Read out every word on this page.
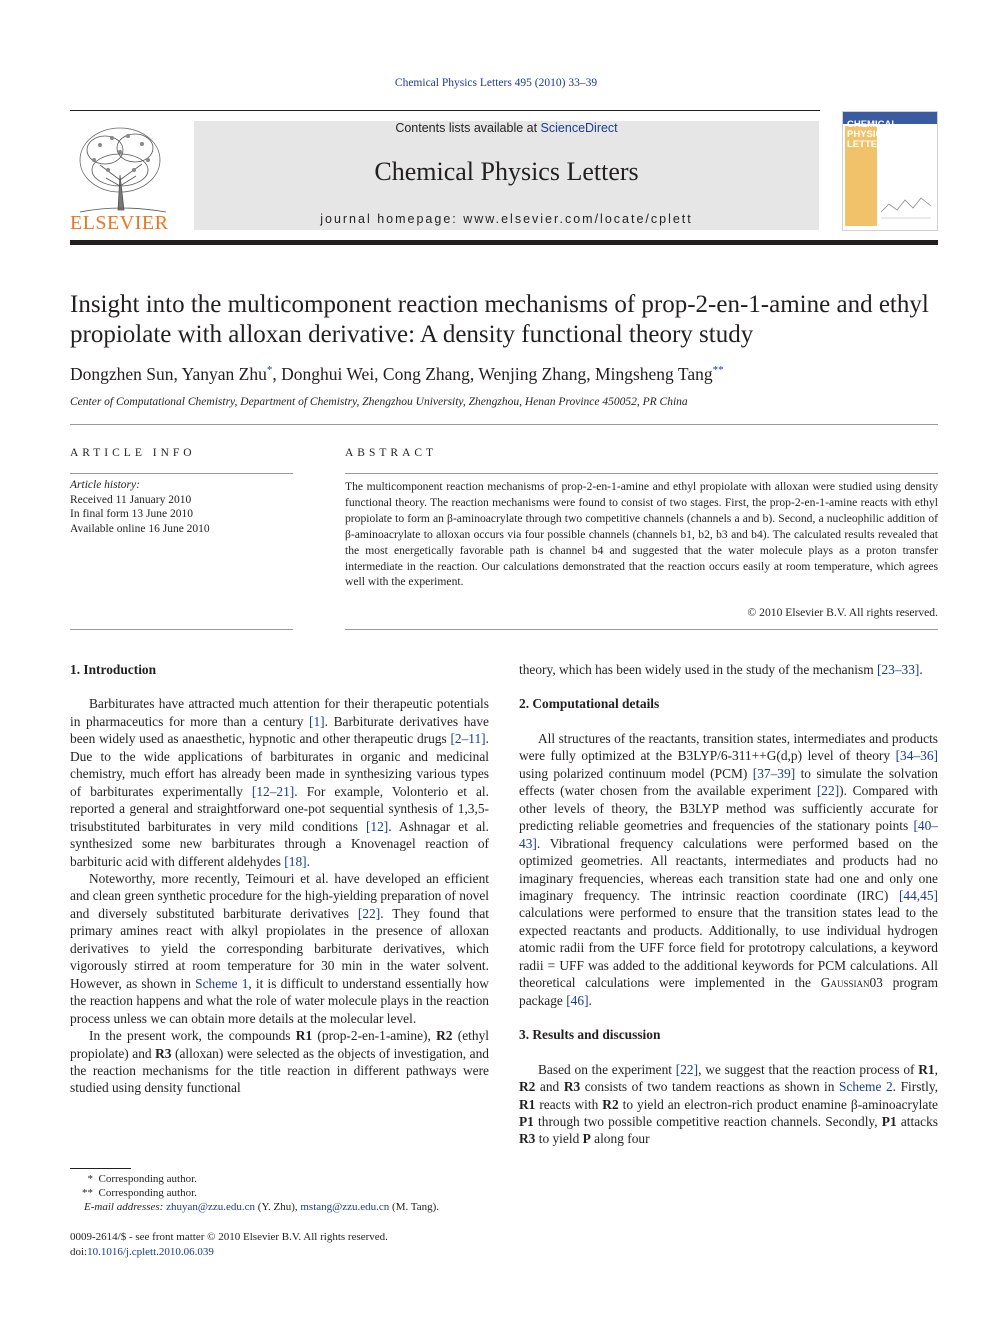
Chemical Physics Letters 495 (2010) 33–39
ELSEVIER
Contents lists available at ScienceDirect
Chemical Physics Letters
journal homepage: www.elsevier.com/locate/cplett
CHEMICAL
PHYSICS
LETTERS
Insight into the multicomponent reaction mechanisms of prop-2-en-1-amine and ethyl propiolate with alloxan derivative: A density functional theory study
Dongzhen Sun, Yanyan Zhu*, Donghui Wei, Cong Zhang, Wenjing Zhang, Mingsheng Tang**
Center of Computational Chemistry, Department of Chemistry, Zhengzhou University, Zhengzhou, Henan Province 450052, PR China
ARTICLE INFO
Article history:
Received 11 January 2010
In final form 13 June 2010
Available online 16 June 2010
ABSTRACT
The multicomponent reaction mechanisms of prop-2-en-1-amine and ethyl propiolate with alloxan were studied using density functional theory. The reaction mechanisms were found to consist of two stages. First, the prop-2-en-1-amine reacts with ethyl propiolate to form an β-aminoacrylate through two competitive channels (channels a and b). Second, a nucleophilic addition of β-aminoacrylate to alloxan occurs via four possible channels (channels b1, b2, b3 and b4). The calculated results revealed that the most energetically favorable path is channel b4 and suggested that the water molecule plays as a proton transfer intermediate in the reaction. Our calculations demonstrated that the reaction occurs easily at room temperature, which agrees well with the experiment.
© 2010 Elsevier B.V. All rights reserved.
1. Introduction

Barbiturates have attracted much attention for their therapeutic potentials in pharmaceutics for more than a century [1]. Barbiturate derivatives have been widely used as anaesthetic, hypnotic and other therapeutic drugs [2–11]. Due to the wide applications of barbiturates in organic and medicinal chemistry, much effort has already been made in synthesizing various types of barbiturates experimentally [12–21]. For example, Volonterio et al. reported a general and straightforward one-pot sequential synthesis of 1,3,5-trisubstituted barbiturates in very mild conditions [12]. Ashnagar et al. synthesized some new barbiturates through a Knovenagel reaction of barbituric acid with different aldehydes [18].

Noteworthy, more recently, Teimouri et al. have developed an efficient and clean green synthetic procedure for the high-yielding preparation of novel and diversely substituted barbiturate derivatives [22]. They found that primary amines react with alkyl propiolates in the presence of alloxan derivatives to yield the corresponding barbiturate derivatives, which vigorously stirred at room temperature for 30 min in the water solvent. However, as shown in Scheme 1, it is difficult to understand essentially how the reaction happens and what the role of water molecule plays in the reaction process unless we can obtain more details at the molecular level.

In the present work, the compounds R1 (prop-2-en-1-amine), R2 (ethyl propiolate) and R3 (alloxan) were selected as the objects of investigation, and the reaction mechanisms for the title reaction in different pathways were studied using density functional

* Corresponding author.
** Corresponding author.
E-mail addresses: zhuyan@zzu.edu.cn (Y. Zhu), mstang@zzu.edu.cn (M. Tang).
0009-2614/$ - see front matter © 2010 Elsevier B.V. All rights reserved.
doi:10.1016/j.cplett.2010.06.039

theory, which has been widely used in the study of the mechanism [23–33].

2. Computational details

All structures of the reactants, transition states, intermediates and products were fully optimized at the B3LYP/6-311++G(d,p) level of theory [34–36] using polarized continuum model (PCM) [37–39] to simulate the solvation effects (water chosen from the available experiment [22]). Compared with other levels of theory, the B3LYP method was sufficiently accurate for predicting reliable geometries and frequencies of the stationary points [40–43]. Vibrational frequency calculations were performed based on the optimized geometries. All reactants, intermediates and products had no imaginary frequencies, whereas each transition state had one and only one imaginary frequency. The intrinsic reaction coordinate (IRC) [44,45] calculations were performed to ensure that the transition states lead to the expected reactants and products. Additionally, to use individual hydrogen atomic radii from the UFF force field for prototropy calculations, a keyword radii = UFF was added to the additional keywords for PCM calculations. All theoretical calculations were implemented in the Gaussian03 program package [46].

3. Results and discussion

Based on the experiment [22], we suggest that the reaction process of R1, R2 and R3 consists of two tandem reactions as shown in Scheme 2. Firstly, R1 reacts with R2 to yield an electron-rich product enamine β-aminoacrylate P1 through two possible competitive reaction channels. Secondly, P1 attacks R3 to yield P along four
